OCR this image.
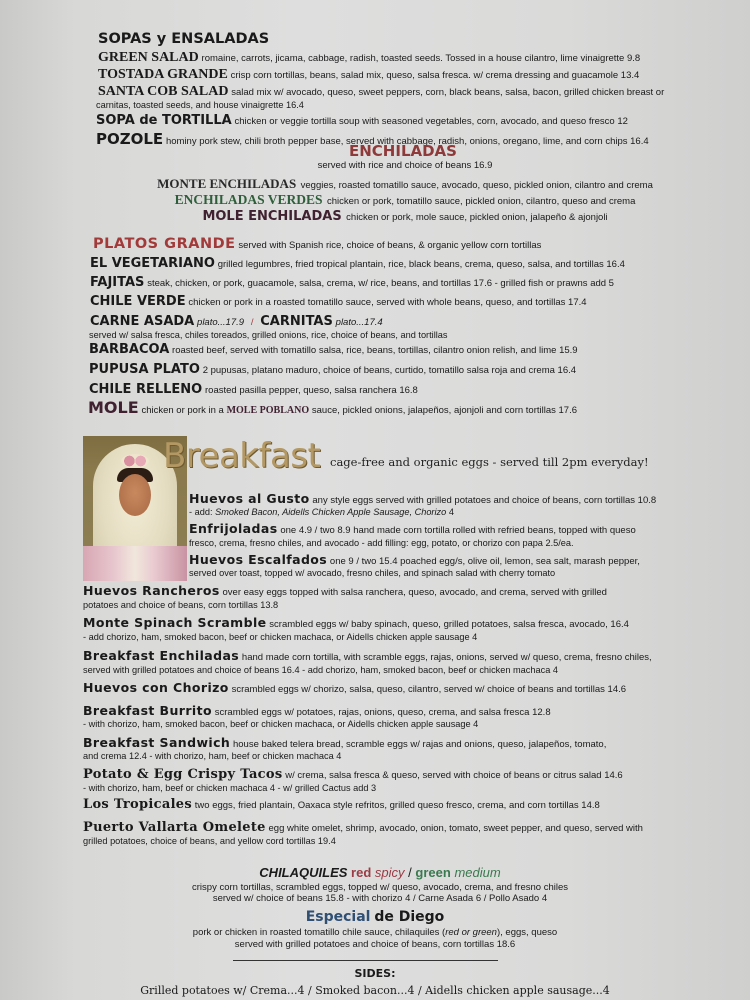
SOPAS y ENSALADAS
GREEN SALAD romaine, carrots, jicama, cabbage, radish, toasted seeds. Tossed in a house cilantro, lime vinaigrette 9.8
TOSTADA GRANDE crisp corn tortillas, beans, salad mix, queso, salsa fresca. w/ crema dressing and guacamole 13.4
SANTA COB SALAD salad mix w/ avocado, queso, sweet peppers, corn, black beans, salsa, bacon, grilled chicken breast or
carnitas, toasted seeds, and house vinaigrette 16.4
SOPA de TORTILLA chicken or veggie tortilla soup with seasoned vegetables, corn, avocado, and queso fresco 12
POZOLE hominy pork stew, chili broth pepper base, served with cabbage, radish, onions, oregano, lime, and corn chips 16.4
ENCHILADAS
served with rice and choice of beans 16.9
MONTE ENCHILADAS veggies, roasted tomatillo sauce, avocado, queso, pickled onion, cilantro and crema
ENCHILADAS VERDES chicken or pork, tomatillo sauce, pickled onion, cilantro, queso and crema
MOLE ENCHILADAS chicken or pork, mole sauce, pickled onion, jalapeño & ajonjoli
PLATOS GRANDE served with Spanish rice, choice of beans, & organic yellow corn tortillas
EL VEGETARIANO grilled legumbres, fried tropical plantain, rice, black beans, crema, queso, salsa, and tortillas 16.4
FAJITAS steak, chicken, or pork, guacamole, salsa, crema, w/ rice, beans, and tortillas 17.6 - grilled fish or prawns add 5
CHILE VERDE chicken or pork in a roasted tomatillo sauce, served with whole beans, queso, and tortillas 17.4
CARNE ASADA plato...17.9 / CARNITAS plato...17.4
served w/ salsa fresca, chiles toreados, grilled onions, rice, choice of beans, and tortillas
BARBACOA roasted beef, served with tomatillo salsa, rice, beans, tortillas, cilantro onion relish, and lime 15.9
PUPUSA PLATO 2 pupusas, platano maduro, choice of beans, curtido, tomatillo salsa roja and crema 16.4
CHILE RELLENO roasted pasilla pepper, queso, salsa ranchera 16.8
MOLE chicken or pork in a MOLE POBLANO sauce, pickled onions, jalapeños, ajonjoli and corn tortillas 17.6
Breakfast cage-free and organic eggs - served till 2pm everyday!
Huevos al Gusto any style eggs served with grilled potatoes and choice of beans, corn tortillas 10.8
- add: Smoked Bacon, Aidells Chicken Apple Sausage, Chorizo 4
Enfrijoladas one 4.9 / two 8.9 hand made corn tortilla rolled with refried beans, topped with queso
fresco, crema, fresno chiles, and avocado - add filling: egg, potato, or chorizo con papa 2.5/ea.
Huevos Escalfados one 9 / two 15.4 poached egg/s, olive oil, lemon, sea salt, marash pepper,
served over toast, topped w/ avocado, fresno chiles, and spinach salad with cherry tomato
Huevos Rancheros over easy eggs topped with salsa ranchera, queso, avocado, and crema, served with grilled
potatoes and choice of beans, corn tortillas 13.8
Monte Spinach Scramble scrambled eggs w/ baby spinach, queso, grilled potatoes, salsa fresca, avocado, 16.4
- add chorizo, ham, smoked bacon, beef or chicken machaca, or Aidells chicken apple sausage 4
Breakfast Enchiladas hand made corn tortilla, with scramble eggs, rajas, onions, served w/ queso, crema, fresno chiles,
served with grilled potatoes and choice of beans 16.4 - add chorizo, ham, smoked bacon, beef or chicken machaca 4
Huevos con Chorizo scrambled eggs w/ chorizo, salsa, queso, cilantro, served w/ choice of beans and tortillas 14.6
Breakfast Burrito scrambled eggs w/ potatoes, rajas, onions, queso, crema, and salsa fresca 12.8
- with chorizo, ham, smoked bacon, beef or chicken machaca, or Aidells chicken apple sausage 4
Breakfast Sandwich house baked telera bread, scramble eggs w/ rajas and onions, queso, jalapeños, tomato,
and crema 12.4 - with chorizo, ham, beef or chicken machaca 4
Potato & Egg Crispy Tacos w/ crema, salsa fresca & queso, served with choice of beans or citrus salad 14.6
- with chorizo, ham, beef or chicken machaca 4 - w/ grilled Cactus add 3
Los Tropicales two eggs, fried plantain, Oaxaca style refritos, grilled queso fresco, crema, and corn tortillas 14.8
Puerto Vallarta Omelete egg white omelet, shrimp, avocado, onion, tomato, sweet pepper, and queso, served with
grilled potatoes, choice of beans, and yellow cord tortillas 19.4
CHILAQUILES red spicy / green medium
crispy corn tortillas, scrambled eggs, topped w/ queso, avocado, crema, and fresno chiles
served w/ choice of beans 15.8 - with chorizo 4 / Carne Asada 6 / Pollo Asado 4
Especial de Diego
pork or chicken in roasted tomatillo chile sauce, chilaquiles (red or green), eggs, queso
served with grilled potatoes and choice of beans, corn tortillas 18.6
SIDES:
Grilled potatoes w/ Crema...4 / Smoked bacon...4 / Aidells chicken apple sausage...4
